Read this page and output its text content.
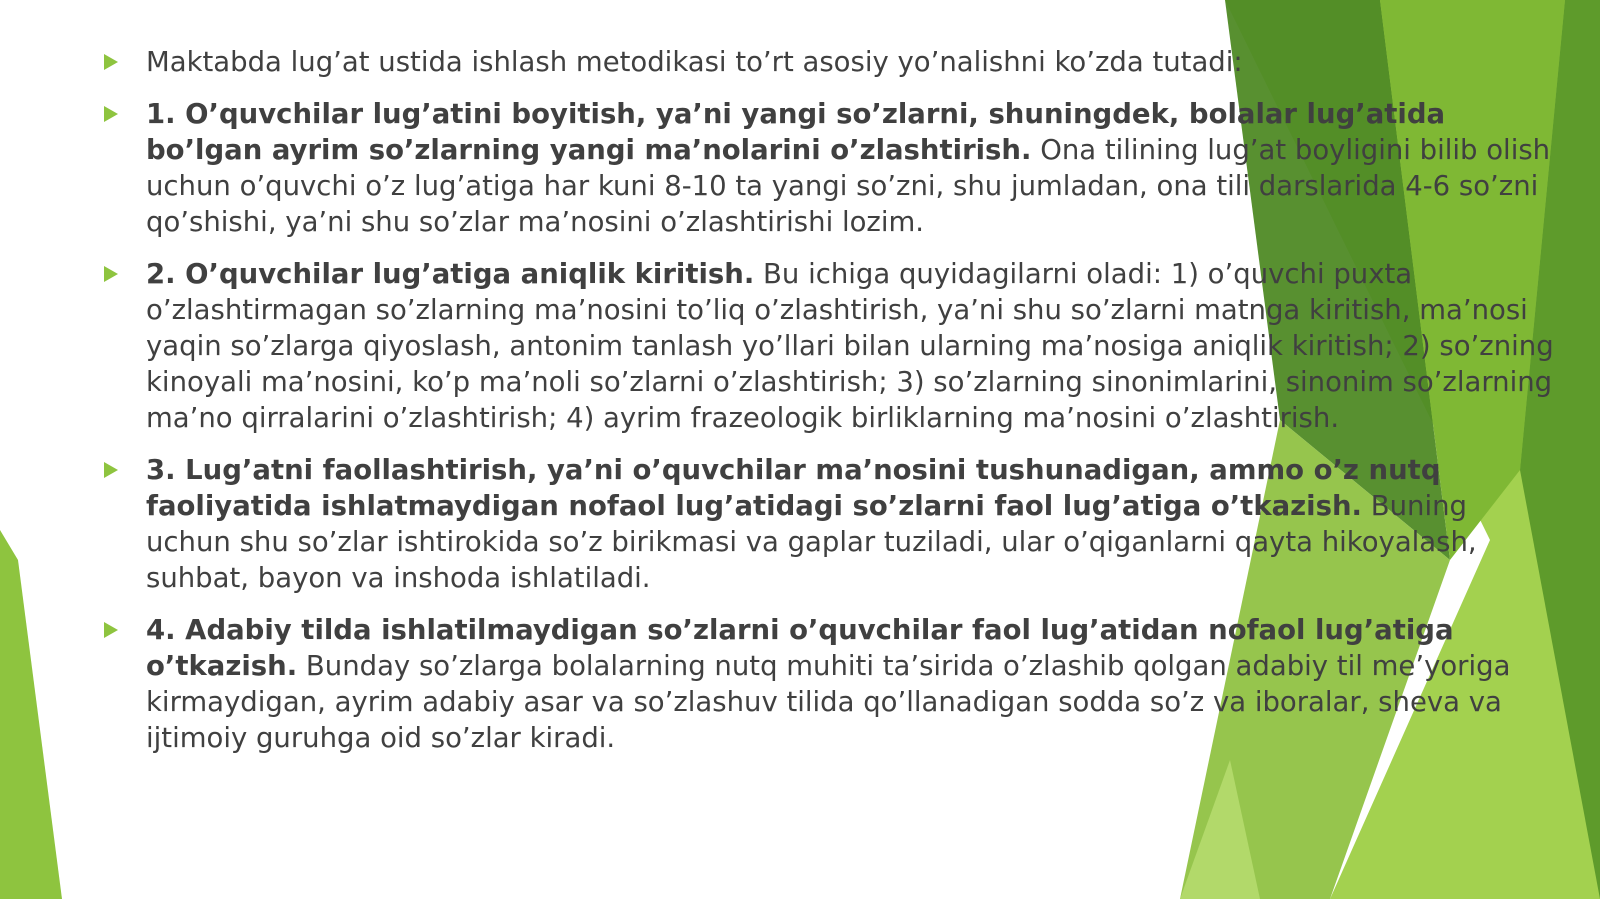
Maktabda lug’at ustida ishlash metodikasi to’rt asosiy yo’nalishni ko’zda tutadi:
1. O’quvchilar lug’atini boyitish, ya’ni yangi so’zlarni, shuningdek, bolalar lug’atida bo’lgan ayrim so’zlarning yangi ma’nolarini o’zlashtirish. Ona tilining lug’at boyligini bilib olish uchun o’quvchi o’z lug’atiga har kuni 8-10 ta yangi so’zni, shu jumladan, ona tili darslarida 4-6 so’zni qo’shishi, ya’ni shu so’zlar ma’nosini o’zlashtirishi lozim.
2. O’quvchilar lug’atiga aniqlik kiritish. Bu ichiga quyidagilarni oladi: 1) o’quvchi puxta o’zlashtirmagan so’zlarning ma’nosini to’liq o’zlashtirish, ya’ni shu so’zlarni matnga kiritish, ma’nosi yaqin so’zlarga qiyoslash, antonim tanlash yo’llari bilan ularning ma’nosiga aniqlik kiritish; 2) so’zning kinoyali ma’nosini, ko’p ma’noli so’zlarni o’zlashtirish; 3) so’zlarning sinonimlarini, sinonim so’zlarning ma’no qirralarini o’zlashtirish; 4) ayrim frazeologik birliklarning ma’nosini o’zlashtirish.
3. Lug’atni faollashtirish, ya’ni o’quvchilar ma’nosini tushunadigan, ammo o’z nutq faoliyatida ishlatmaydigan nofaol lug’atidagi so’zlarni faol lug’atiga o’tkazish. Buning uchun shu so’zlar ishtirokida so’z birikmasi va gaplar tuziladi, ular o’qiganlarni qayta hikoyalash, suhbat, bayon va inshoda ishlatiladi.
4. Adabiy tilda ishlatilmaydigan so’zlarni o’quvchilar faol lug’atidan nofaol lug’atiga o’tkazish. Bunday so’zlarga bolalarning nutq muhiti ta’sirida o’zlashib qolgan adabiy til me’yoriga kirmaydigan, ayrim adabiy asar va so’zlashuv tilida qo’llanadigan sodda so’z va iboralar, sheva va ijtimoiy guruhga oid so’zlar kiradi.
